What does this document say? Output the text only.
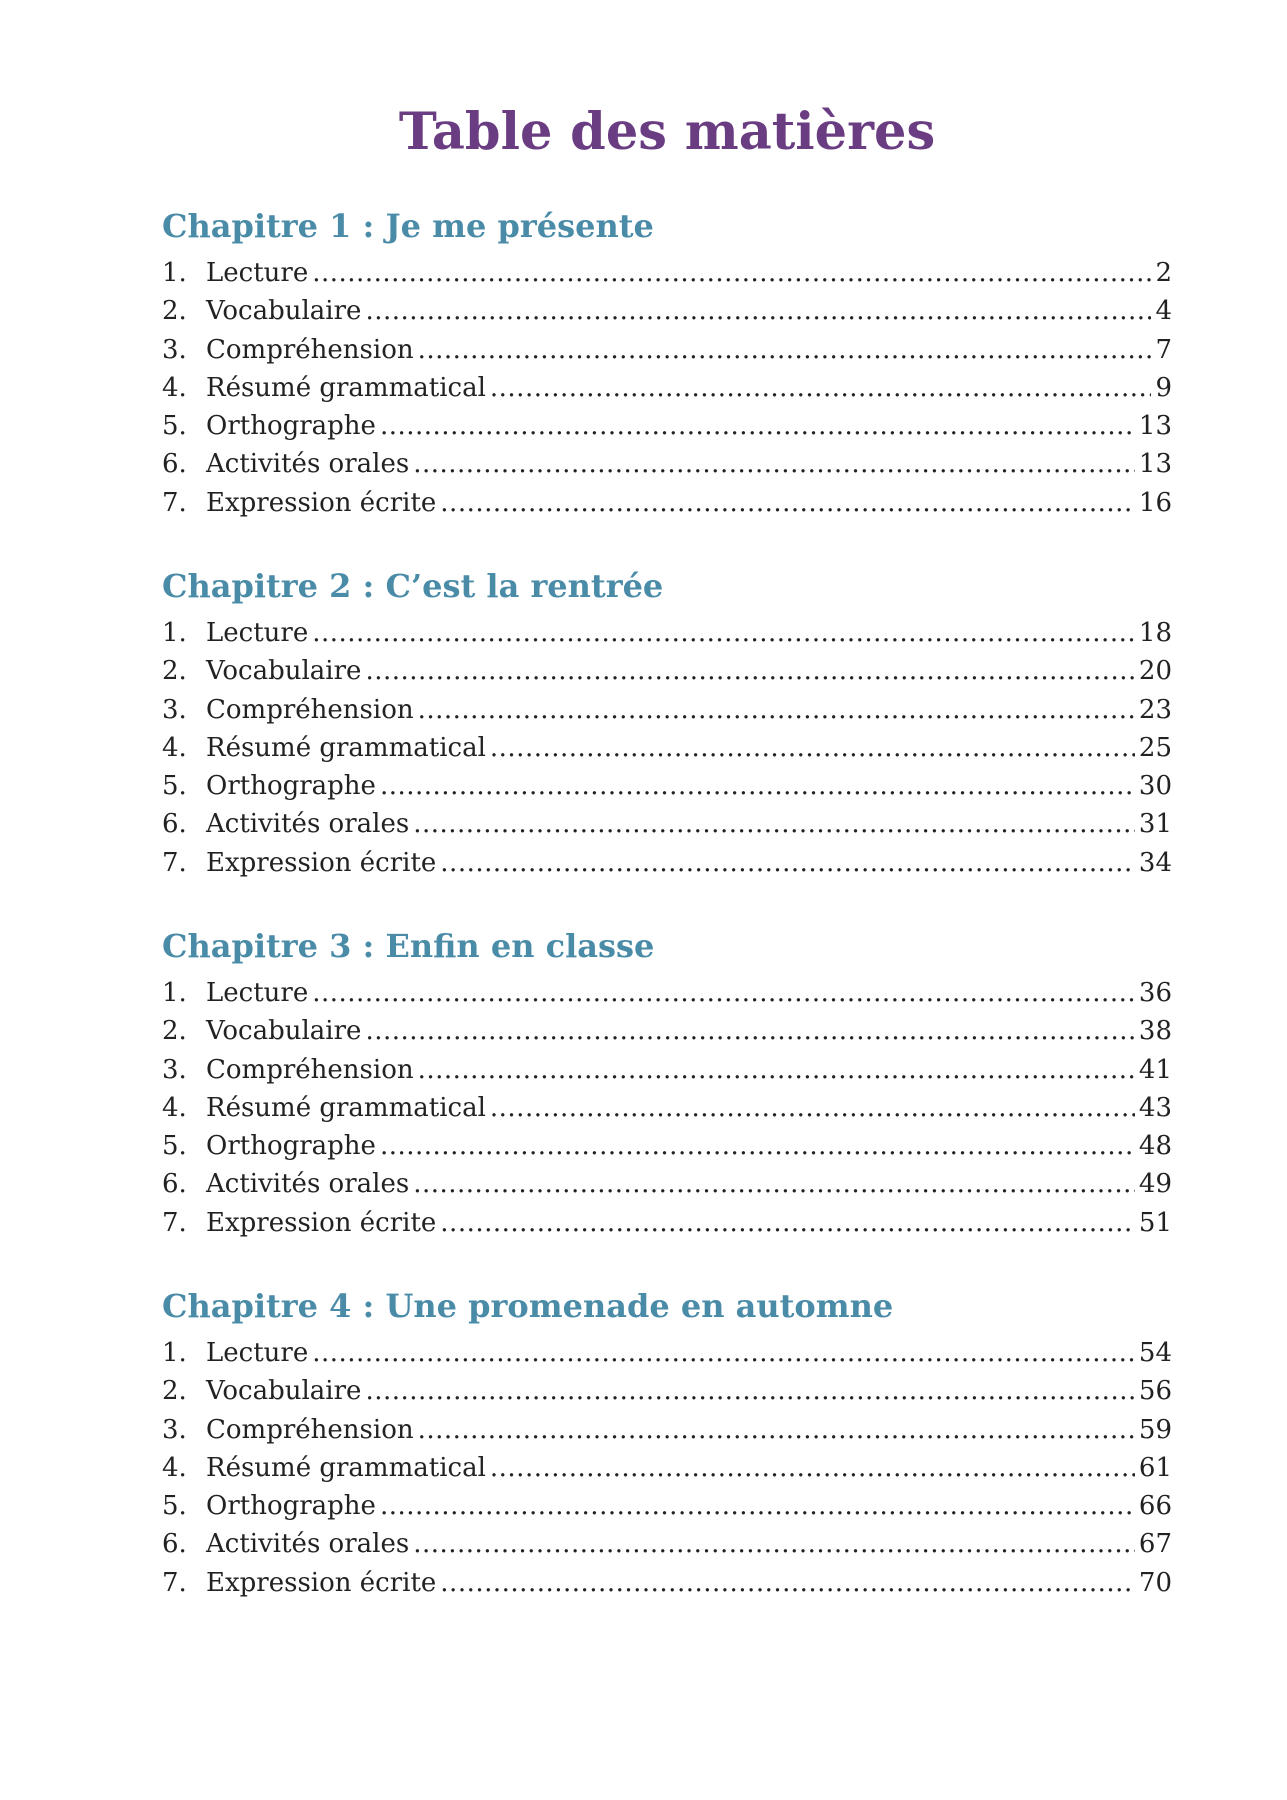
Table des matières
Chapitre 1 : Je me présente
1. Lecture .....	2
2. Vocabulaire .....	4
3. Compréhension .....	7
4. Résumé grammatical .....	9
5. Orthographe .....	13
6. Activités orales .....	13
7. Expression écrite .....	16
Chapitre 2 : C’est la rentrée
1. Lecture .....	18
2. Vocabulaire .....	20
3. Compréhension .....	23
4. Résumé grammatical .....	25
5. Orthographe .....	30
6. Activités orales .....	31
7. Expression écrite .....	34
Chapitre 3 : Enfin en classe
1. Lecture .....	36
2. Vocabulaire .....	38
3. Compréhension .....	41
4. Résumé grammatical .....	43
5. Orthographe .....	48
6. Activités orales .....	49
7. Expression écrite .....	51
Chapitre 4 : Une promenade en automne
1. Lecture .....	54
2. Vocabulaire .....	56
3. Compréhension .....	59
4. Résumé grammatical .....	61
5. Orthographe .....	66
6. Activités orales .....	67
7. Expression écrite .....	70
